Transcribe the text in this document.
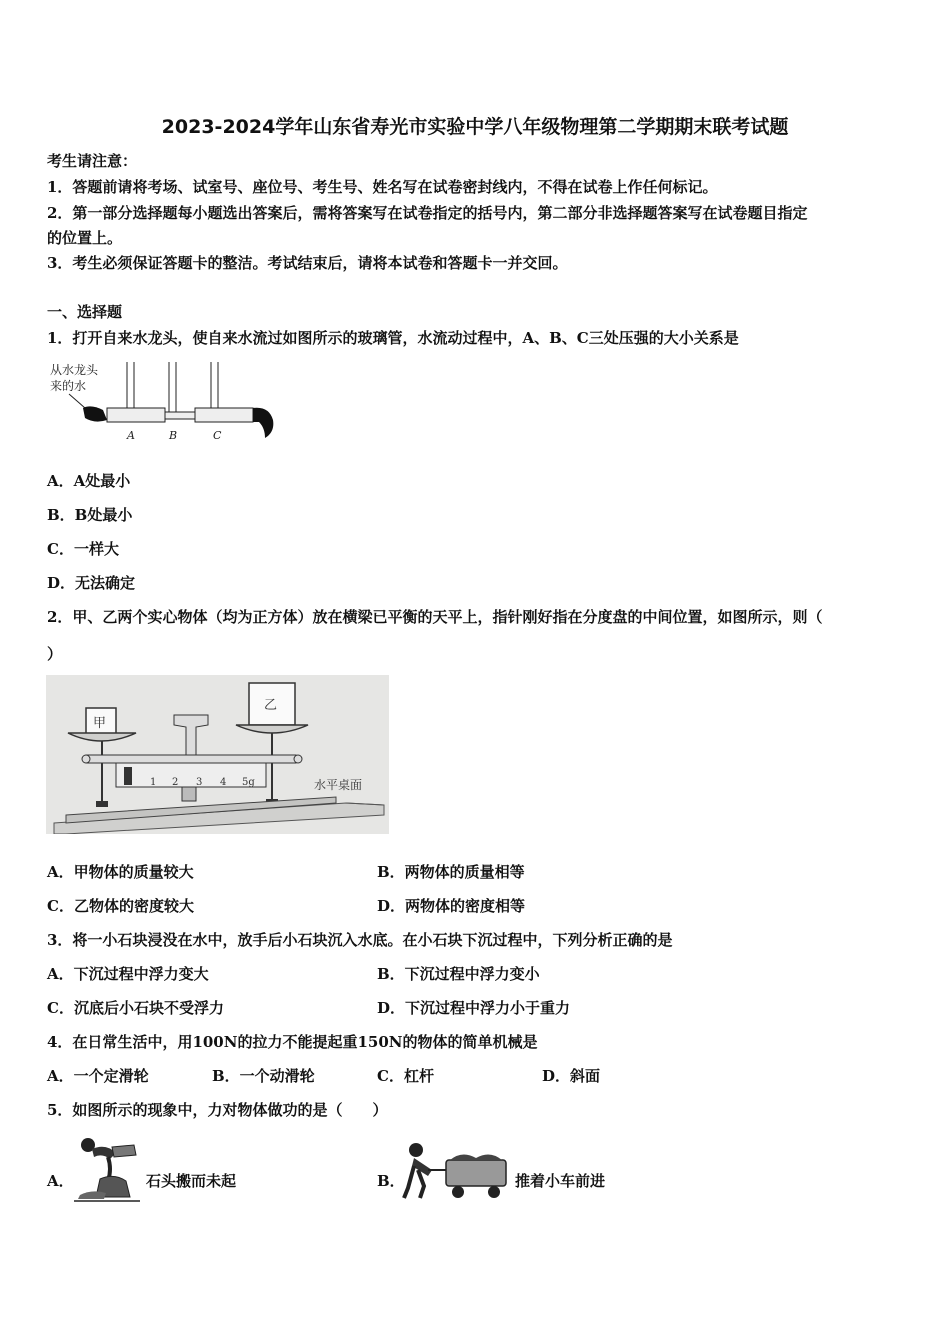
2023-2024学年山东省寿光市实验中学八年级物理第二学期期末联考试题
考生请注意：
1．答题前请将考场、试室号、座位号、考生号、姓名写在试卷密封线内，不得在试卷上作任何标记。
2．第一部分选择题每小题选出答案后，需将答案写在试卷指定的括号内，第二部分非选择题答案写在试卷题目指定
的位置上。
3．考生必须保证答题卡的整洁。考试结束后，请将本试卷和答题卡一并交回。
一、选择题
1．打开自来水龙头，使自来水流过如图所示的玻璃管，水流动过程中，A、B、C三处压强的大小关系是
从水龙头
来的水
A	B	C
A．A处最小
B．B处最小
C．一样大
D．无法确定
2．甲、乙两个实心物体（均为正方体）放在横梁已平衡的天平上，指针刚好指在分度盘的中间位置，如图所示，则（
）
甲
乙
1 2 3 4 5g	水平桌面
A．甲物体的质量较大	B．两物体的质量相等
C．乙物体的密度较大	D．两物体的密度相等
3．将一小石块浸没在水中，放手后小石块沉入水底。在小石块下沉过程中，下列分析正确的是
A．下沉过程中浮力变大	B．下沉过程中浮力变小
C．沉底后小石块不受浮力	D．下沉过程中浮力小于重力
4．在日常生活中，用100N的拉力不能提起重150N的物体的简单机械是
A．一个定滑轮	B．一个动滑轮	C．杠杆	D．斜面
5．如图所示的现象中，力对物体做功的是（　　）
A．	石头搬而未起	B．	推着小车前进
